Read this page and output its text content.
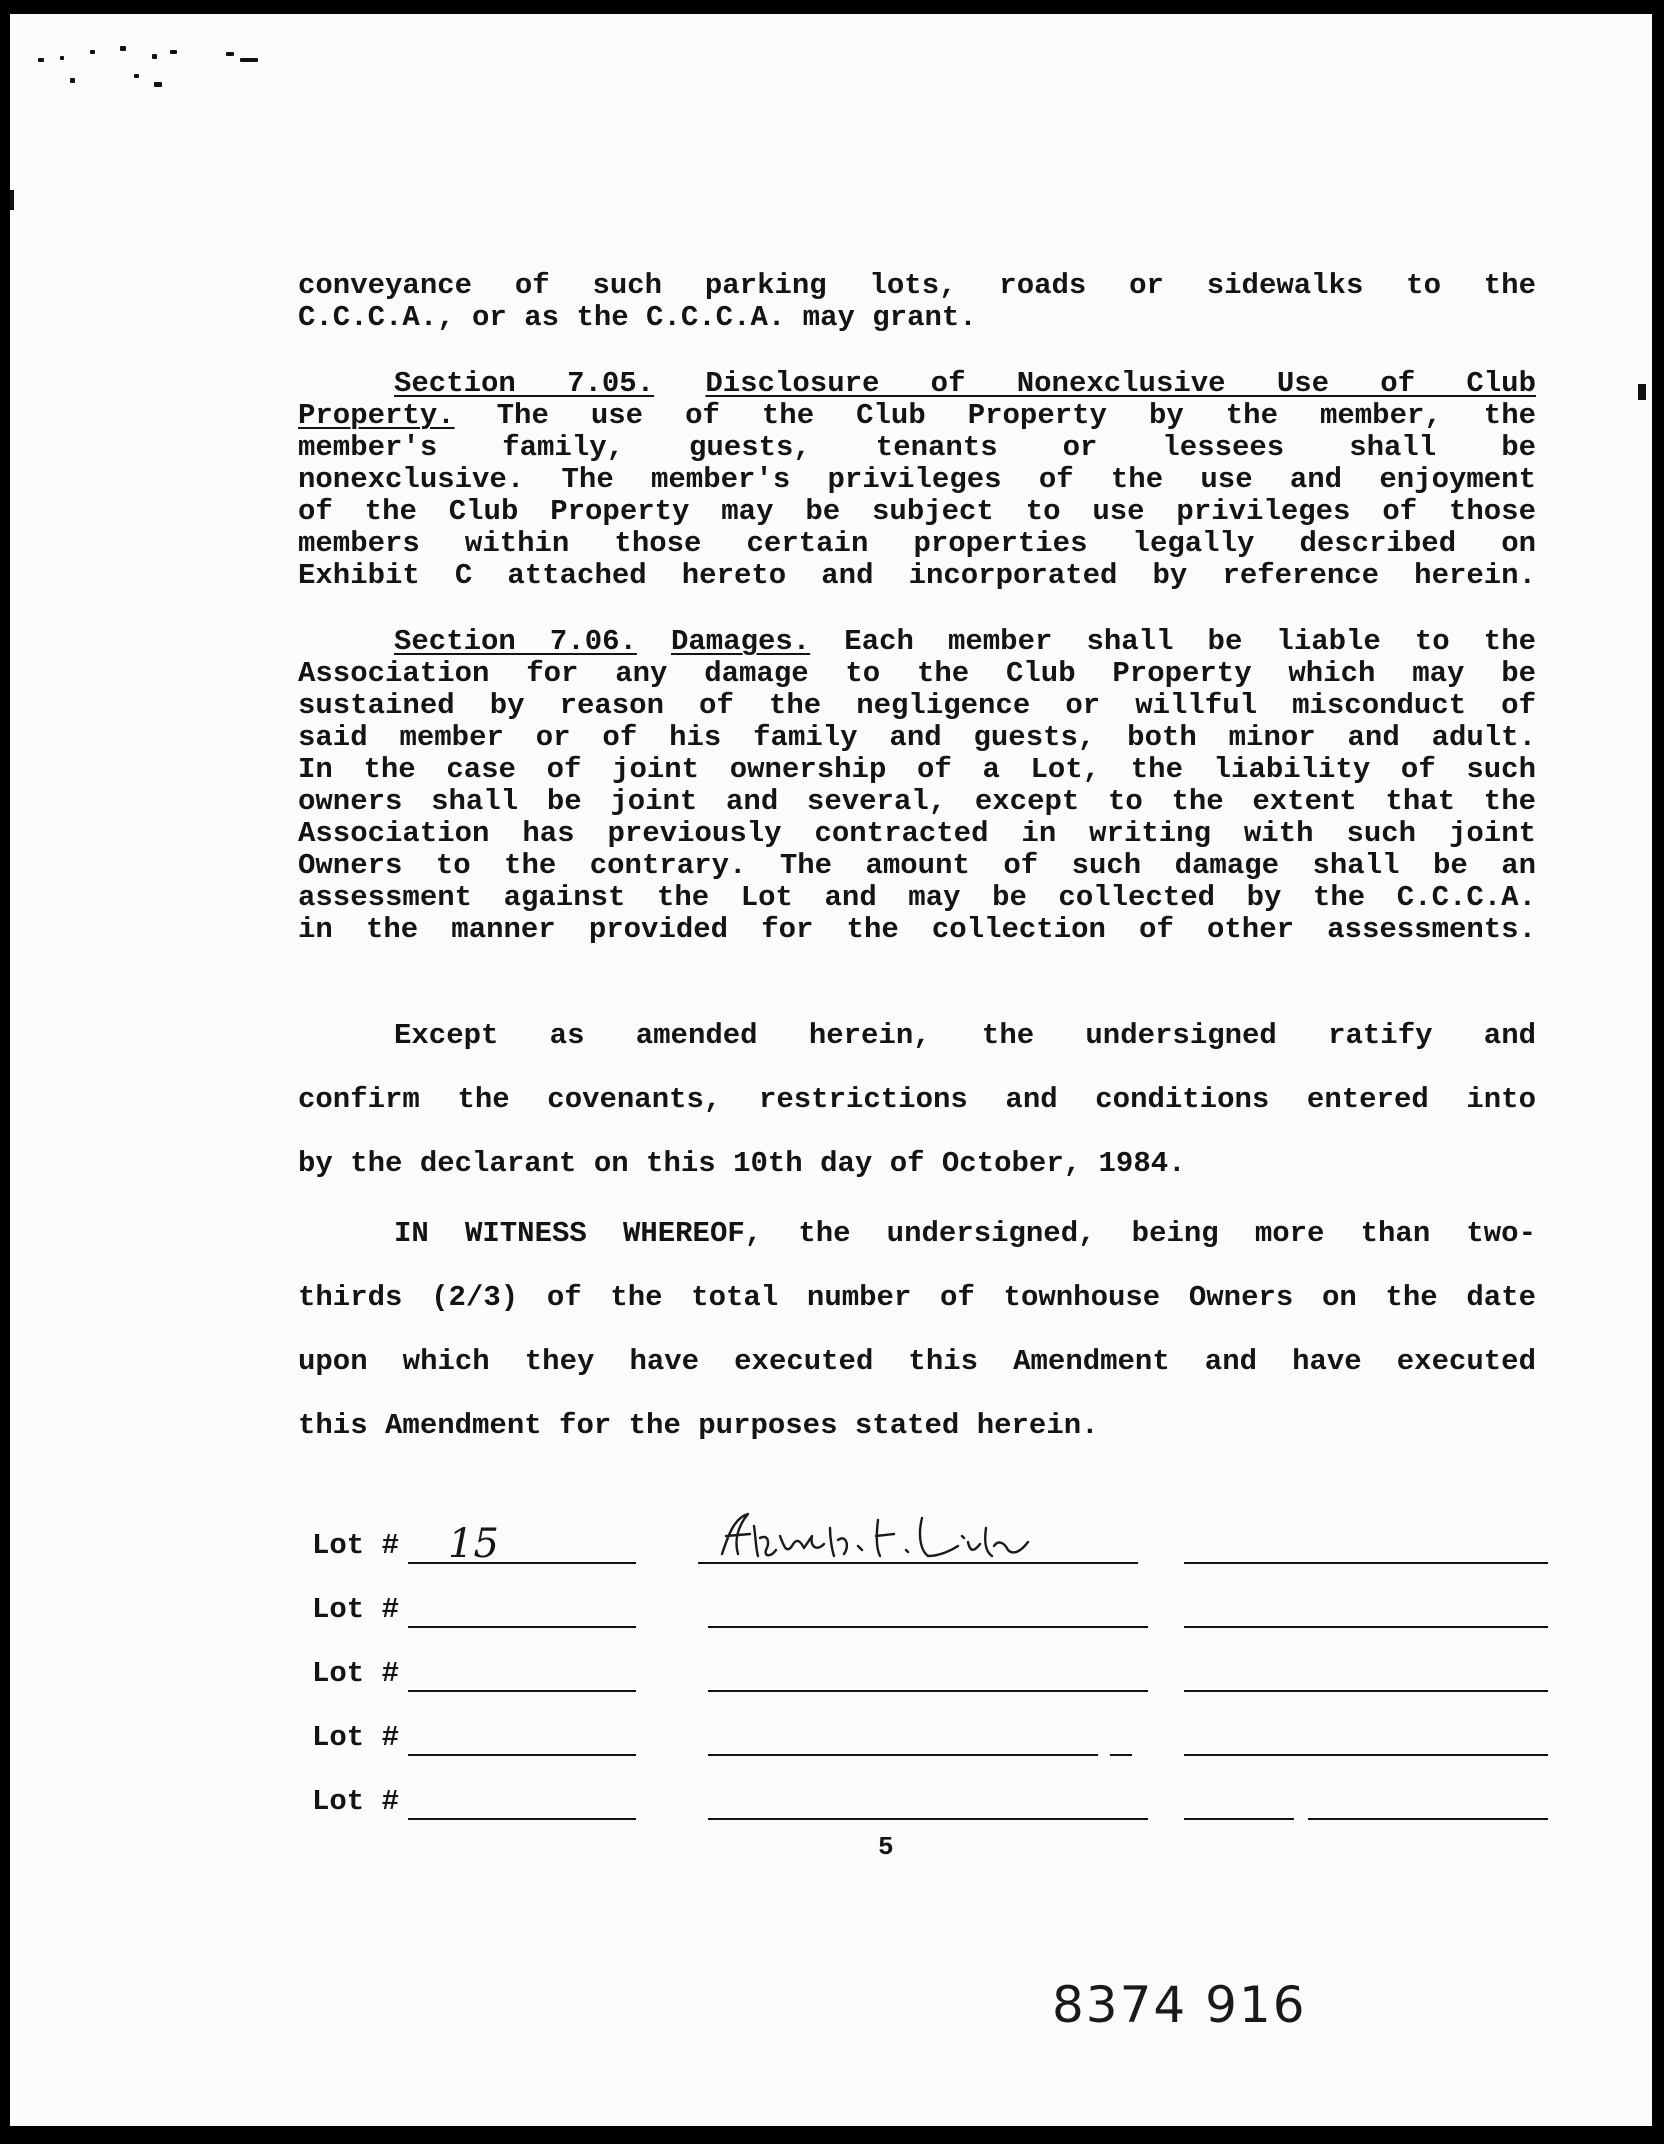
conveyance of such parking lots, roads or sidewalks to the
C.C.C.A., or as the C.C.C.A. may grant.
Section 7.05. Disclosure of Nonexclusive Use of Club
Property. The use of the Club Property by the member, the
member's family, guests, tenants or lessees shall be
nonexclusive. The member's privileges of the use and enjoyment
of the Club Property may be subject to use privileges of those
members within those certain properties legally described on
Exhibit C attached hereto and incorporated by reference herein.
Section 7.06. Damages. Each member shall be liable to the
Association for any damage to the Club Property which may be
sustained by reason of the negligence or willful misconduct of
said member or of his family and guests, both minor and adult.
In the case of joint ownership of a Lot, the liability of such
owners shall be joint and several, except to the extent that the
Association has previously contracted in writing with such joint
Owners to the contrary. The amount of such damage shall be an
assessment against the Lot and may be collected by the C.C.C.A.
in the manner provided for the collection of other assessments.
Except as amended herein, the undersigned ratify and
confirm the covenants, restrictions and conditions entered into
by the declarant on this 10th day of October, 1984.
IN WITNESS WHEREOF, the undersigned, being more than two-
thirds (2/3) of the total number of townhouse Owners on the date
upon which they have executed this Amendment and have executed
this Amendment for the purposes stated herein.
Lot # 15
Lot #
Lot #
Lot #
Lot #
5
8374 916
